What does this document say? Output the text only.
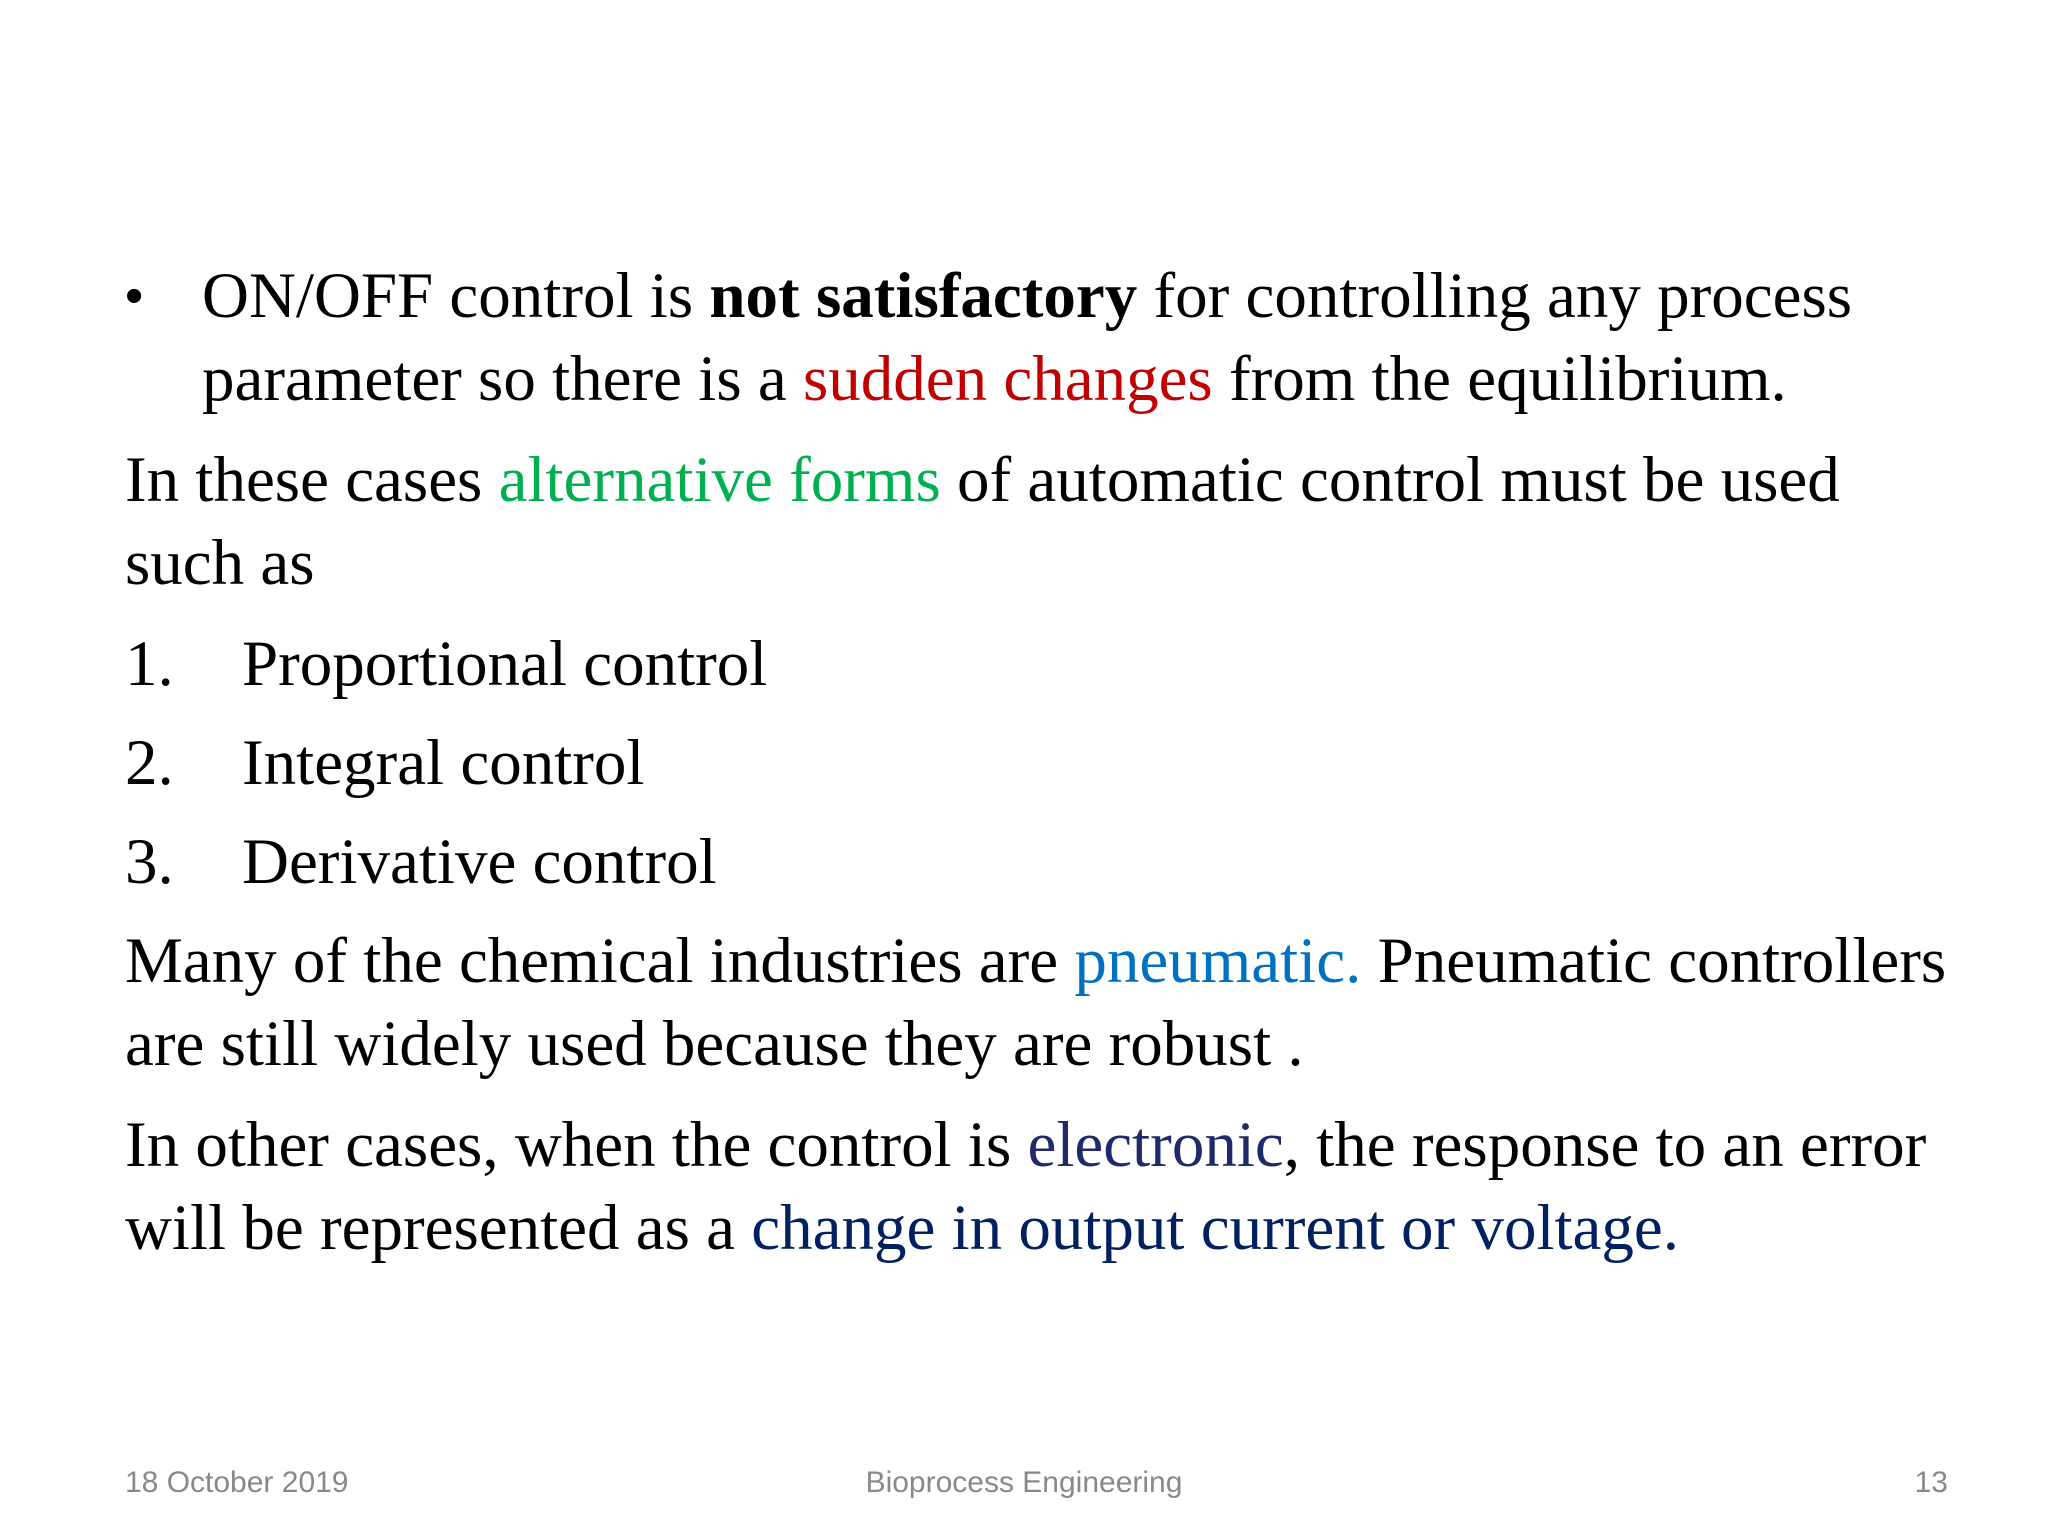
• ON/OFF control is not satisfactory for controlling any process parameter so there is a sudden changes from the equilibrium.
In these cases alternative forms of automatic control must be used such as
1.	Proportional control
2.	Integral control
3.	Derivative control
Many of the chemical industries are pneumatic. Pneumatic controllers are still widely used because they are robust .
In other cases, when the control is electronic, the response to an error will be represented as a change in output current or voltage.
18 October 2019	Bioprocess Engineering	13
